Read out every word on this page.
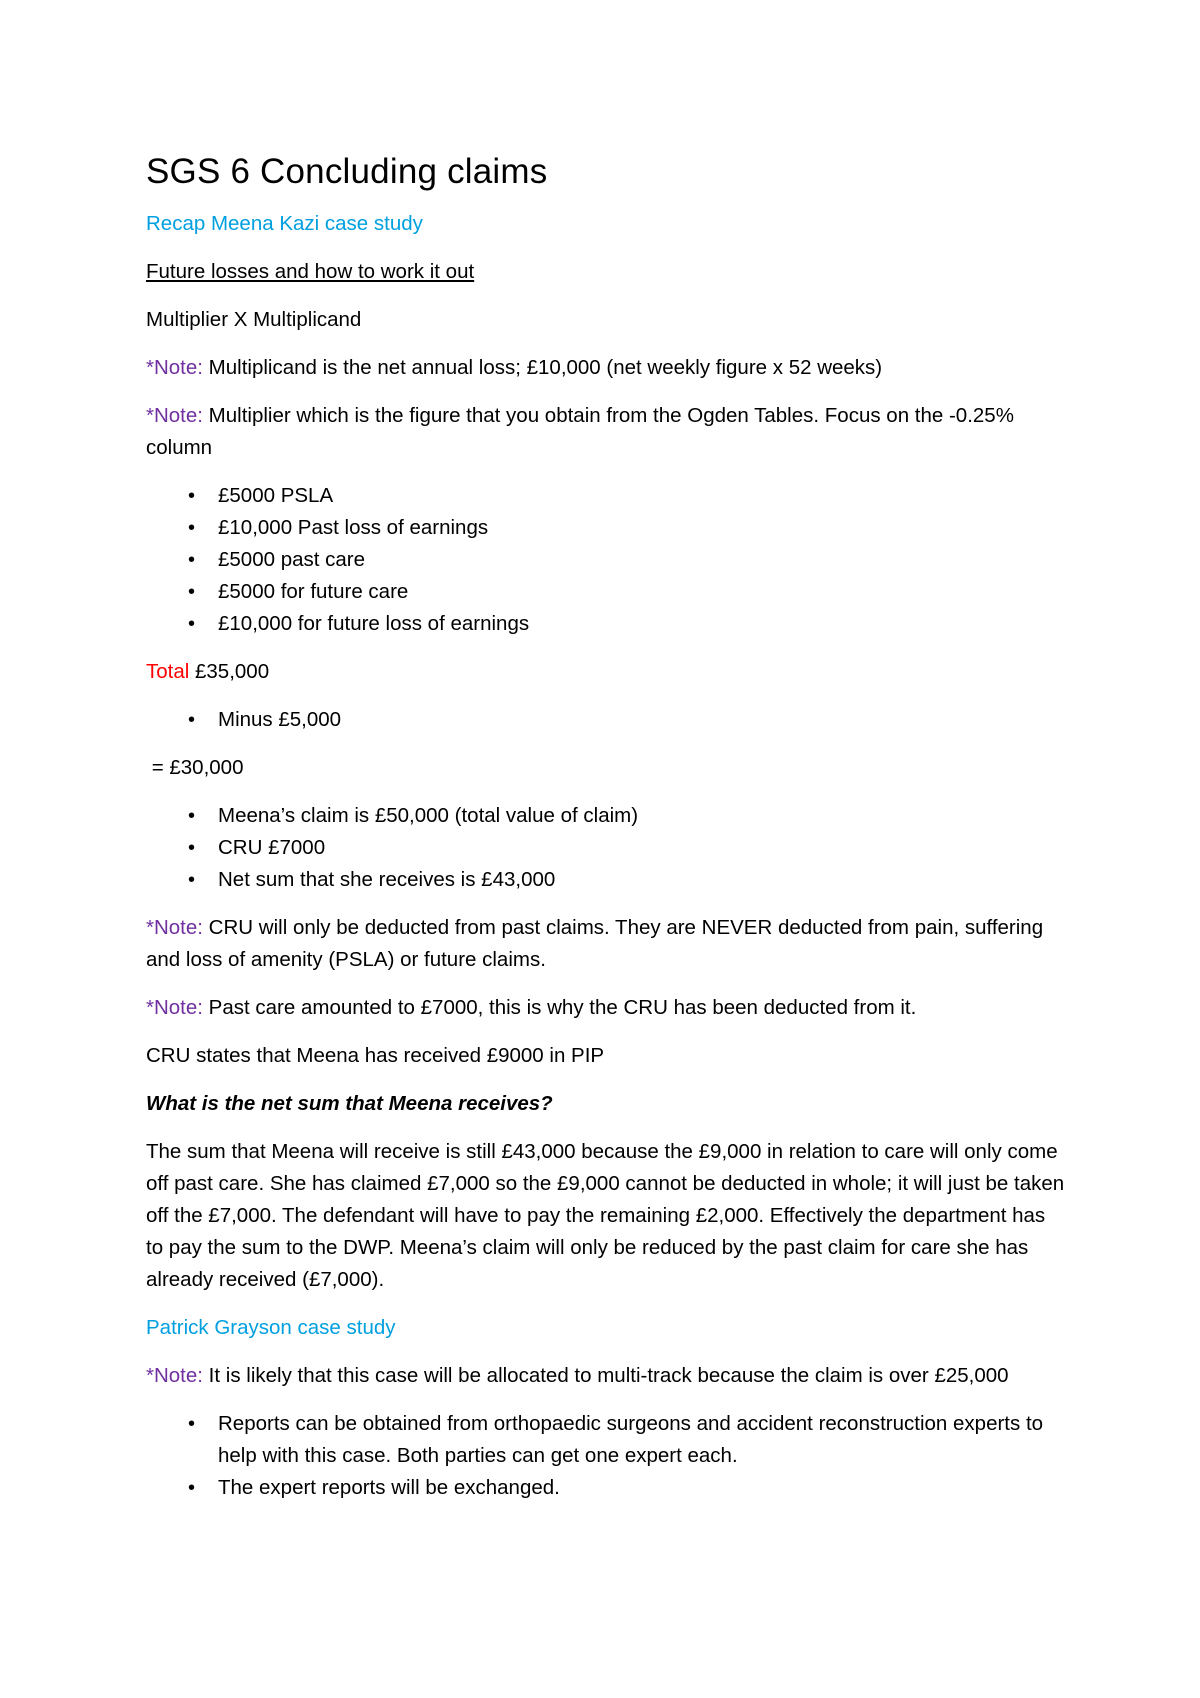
SGS 6 Concluding claims

Recap Meena Kazi case study

Future losses and how to work it out

Multiplier X Multiplicand

*Note: Multiplicand is the net annual loss; £10,000 (net weekly figure x 52 weeks)

*Note: Multiplier which is the figure that you obtain from the Ogden Tables. Focus on the -0.25% column

• £5000 PSLA
• £10,000 Past loss of earnings
• £5000 past care
• £5000 for future care
• £10,000 for future loss of earnings

Total £35,000

• Minus £5,000

= £30,000

• Meena’s claim is £50,000 (total value of claim)
• CRU £7000
• Net sum that she receives is £43,000

*Note: CRU will only be deducted from past claims. They are NEVER deducted from pain, suffering and loss of amenity (PSLA) or future claims.

*Note: Past care amounted to £7000, this is why the CRU has been deducted from it.

CRU states that Meena has received £9000 in PIP

What is the net sum that Meena receives?

The sum that Meena will receive is still £43,000 because the £9,000 in relation to care will only come off past care. She has claimed £7,000 so the £9,000 cannot be deducted in whole; it will just be taken off the £7,000. The defendant will have to pay the remaining £2,000. Effectively the department has to pay the sum to the DWP. Meena’s claim will only be reduced by the past claim for care she has already received (£7,000).

Patrick Grayson case study

*Note: It is likely that this case will be allocated to multi-track because the claim is over £25,000

• Reports can be obtained from orthopaedic surgeons and accident reconstruction experts to help with this case. Both parties can get one expert each.
• The expert reports will be exchanged.
